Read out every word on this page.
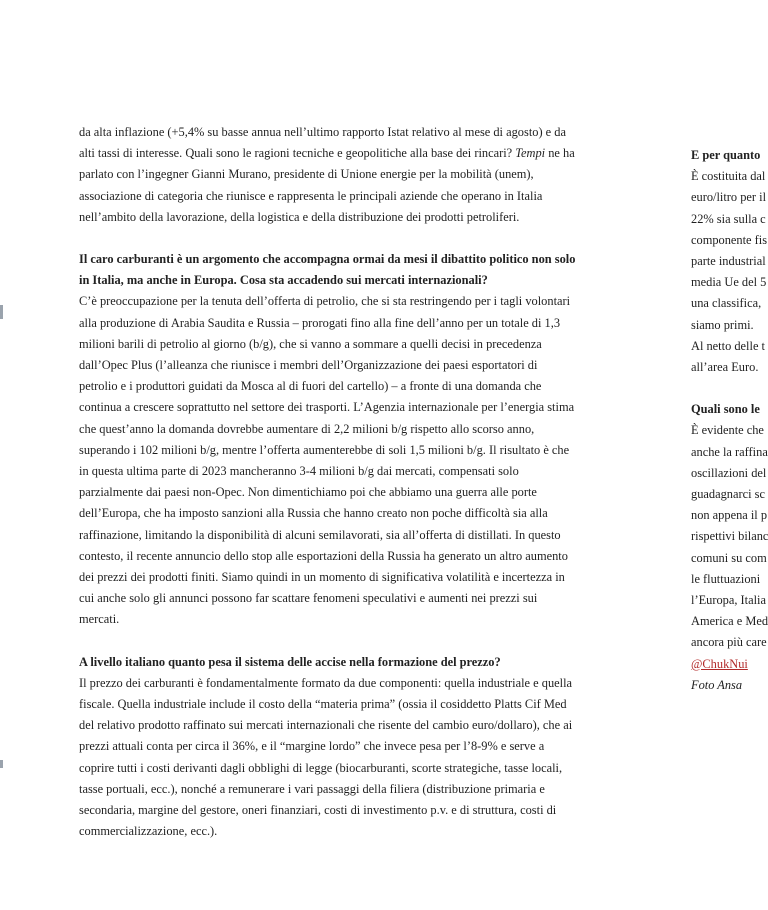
da alta inflazione (+5,4% su basse annua nell’ultimo rapporto Istat relativo al mese di agosto) e da
alti tassi di interesse. Quali sono le ragioni tecniche e geopolitiche alla base dei rincari? Tempi ne ha
parlato con l’ingegner Gianni Murano, presidente di Unione energie per la mobilità (unem),
associazione di categoria che riunisce e rappresenta le principali aziende che operano in Italia
nell’ambito della lavorazione, della logistica e della distribuzione dei prodotti petroliferi.

Il caro carburanti è un argomento che accompagna ormai da mesi il dibattito politico non solo
in Italia, ma anche in Europa. Cosa sta accadendo sui mercati internazionali?

C’è preoccupazione per la tenuta dell’offerta di petrolio, che si sta restringendo per i tagli volontari
alla produzione di Arabia Saudita e Russia – prorogati fino alla fine dell’anno per un totale di 1,3
milioni barili di petrolio al giorno (b/g), che si vanno a sommare a quelli decisi in precedenza
dall’Opec Plus (l’alleanza che riunisce i membri dell’Organizzazione dei paesi esportatori di
petrolio e i produttori guidati da Mosca al di fuori del cartello) – a fronte di una domanda che
continua a crescere soprattutto nel settore dei trasporti. L’Agenzia internazionale per l’energia stima
che quest’anno la domanda dovrebbe aumentare di 2,2 milioni b/g rispetto allo scorso anno,
superando i 102 milioni b/g, mentre l’offerta aumenterebbe di soli 1,5 milioni b/g. Il risultato è che
in questa ultima parte di 2023 mancheranno 3-4 milioni b/g dai mercati, compensati solo
parzialmente dai paesi non-Opec. Non dimentichiamo poi che abbiamo una guerra alle porte
dell’Europa, che ha imposto sanzioni alla Russia che hanno creato non poche difficoltà sia alla
raffinazione, limitando la disponibilità di alcuni semilavorati, sia all’offerta di distillati. In questo
contesto, il recente annuncio dello stop alle esportazioni della Russia ha generato un altro aumento
dei prezzi dei prodotti finiti. Siamo quindi in un momento di significativa volatilità e incertezza in
cui anche solo gli annunci possono far scattare fenomeni speculativi e aumenti nei prezzi sui
mercati.

A livello italiano quanto pesa il sistema delle accise nella formazione del prezzo?

Il prezzo dei carburanti è fondamentalmente formato da due componenti: quella industriale e quella
fiscale. Quella industriale include il costo della “materia prima” (ossia il cosiddetto Platts Cif Med
del relativo prodotto raffinato sui mercati internazionali che risente del cambio euro/dollaro), che ai
prezzi attuali conta per circa il 36%, e il “margine lordo” che invece pesa per l’8-9% e serve a
coprire tutti i costi derivanti dagli obblighi di legge (biocarburanti, scorte strategiche, tasse locali,
tasse portuali, ecc.), nonché a remunerare i vari passaggi della filiera (distribuzione primaria e
secondaria, margine del gestore, oneri finanziari, costi di investimento p.v. e di struttura, costi di
commercializzazione, ecc.).

E per quanto

È costituita dal
euro/litro per il
22% sia sulla c
componente fis
parte industrial
media Ue del 5
una classifica,
siamo primi.
Al netto delle t
all’area Euro.

Quali sono le

È evidente che
anche la raffina
oscillazioni del
guadagnarci sc
non appena il p
rispettivi bilanc
comuni su com
le fluttuazioni
l’Europa, Italia
America e Med
ancora più care

@ChukNui
Foto Ansa
